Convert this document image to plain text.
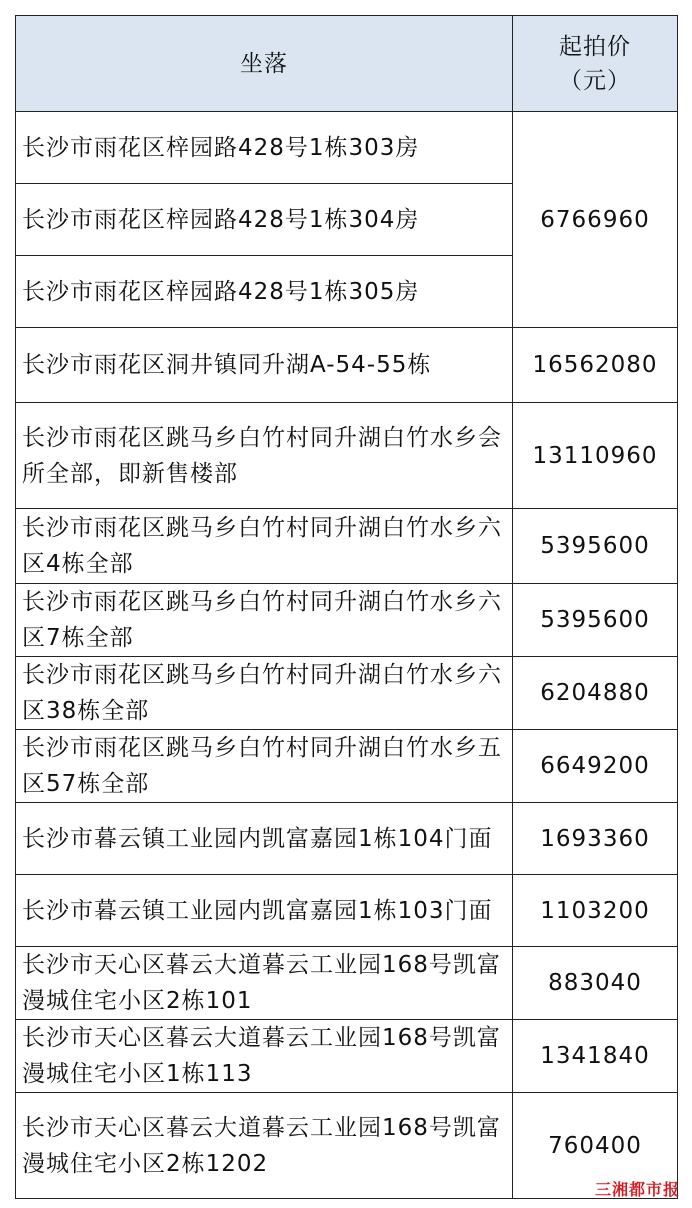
坐落	起拍价
（元）

长沙市雨花区梓园路428号1栋303房	6766960
长沙市雨花区梓园路428号1栋304房	
长沙市雨花区梓园路428号1栋305房	
长沙市雨花区洞井镇同升湖A-54-55栋	16562080
长沙市雨花区跳马乡白竹村同升湖白竹水乡会所全部，即新售楼部	13110960
长沙市雨花区跳马乡白竹村同升湖白竹水乡六区4栋全部	5395600
长沙市雨花区跳马乡白竹村同升湖白竹水乡六区7栋全部	5395600
长沙市雨花区跳马乡白竹村同升湖白竹水乡六区38栋全部	6204880
长沙市雨花区跳马乡白竹村同升湖白竹水乡五区57栋全部	6649200
长沙市暮云镇工业园内凯富嘉园1栋104门面	1693360
长沙市暮云镇工业园内凯富嘉园1栋103门面	1103200
长沙市天心区暮云大道暮云工业园168号凯富漫城住宅小区2栋101	883040
长沙市天心区暮云大道暮云工业园168号凯富漫城住宅小区1栋113	1341840
长沙市天心区暮云大道暮云工业园168号凯富漫城住宅小区2栋1202	760400
三湘都市报
